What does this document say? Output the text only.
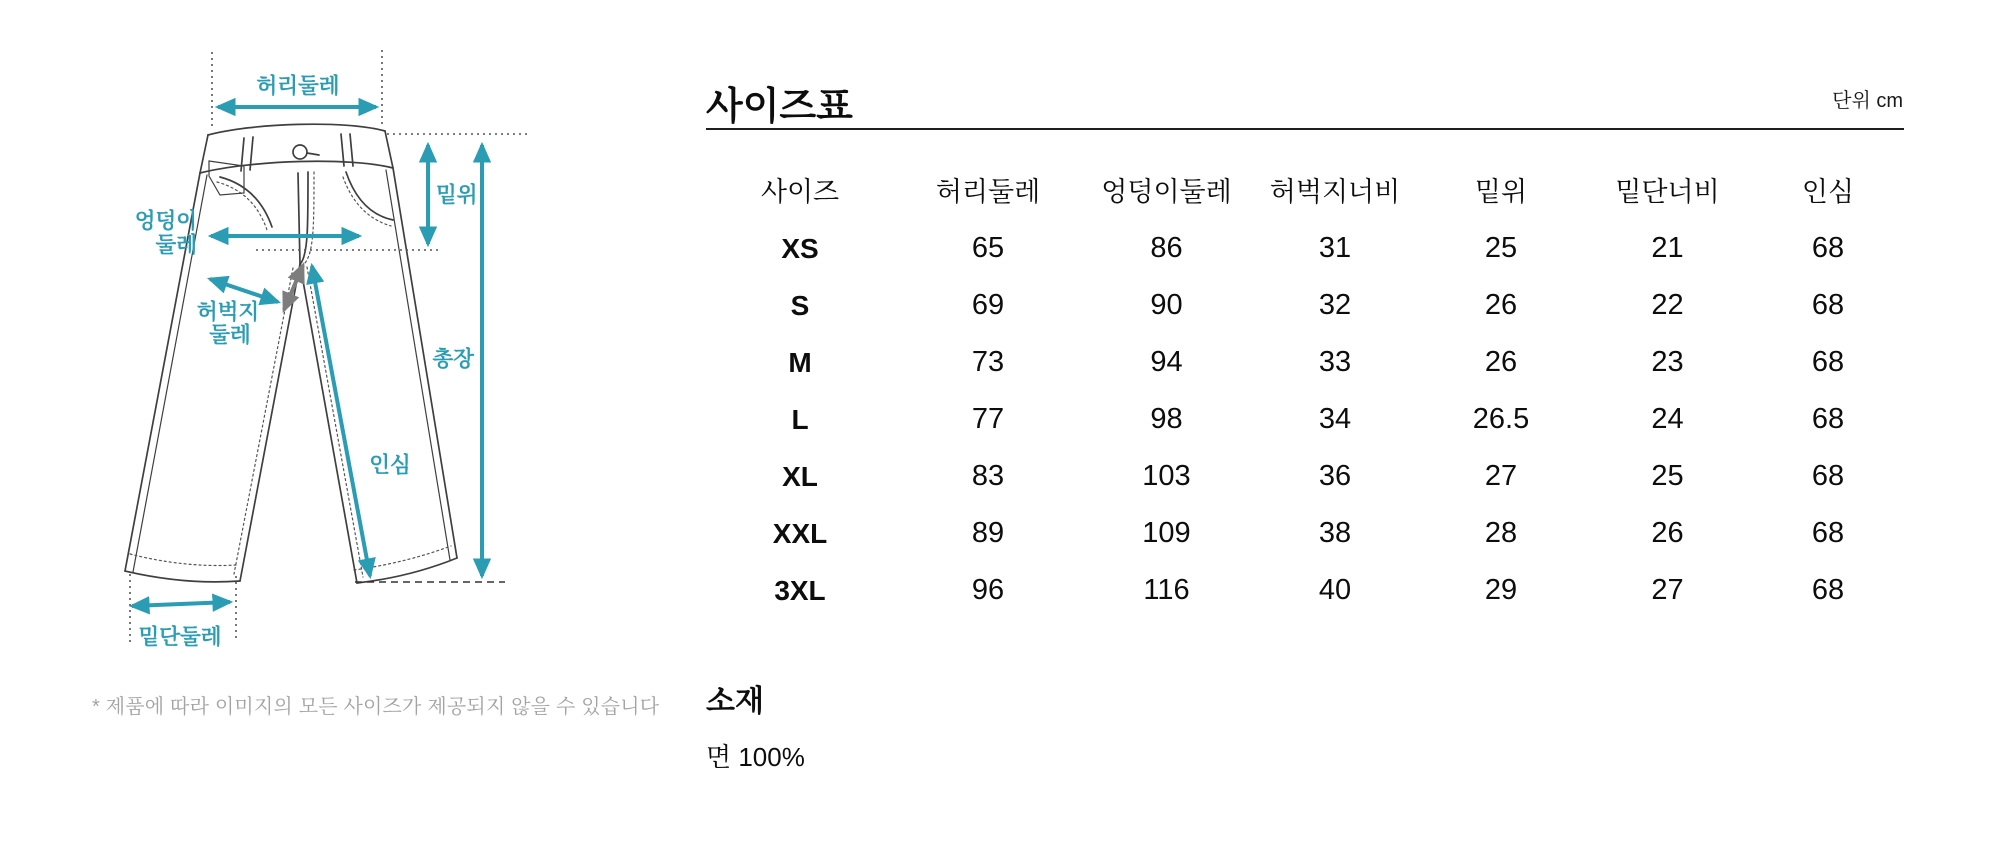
허리둘레
밑위
엉덩이
둘레
허벅지
둘레
총장
인심
밑단둘레
* 제품에 따라 이미지의 모든 사이즈가 제공되지 않을 수 있습니다
사이즈표	단위 cm
사이즈	허리둘레	엉덩이둘레	허벅지너비	밑위	밑단너비	인심
XS	65	86	31	25	21	68
S	69	90	32	26	22	68
M	73	94	33	26	23	68
L	77	98	34	26.5	24	68
XL	83	103	36	27	25	68
XXL	89	109	38	28	26	68
3XL	96	116	40	29	27	68
소재
면 100%
